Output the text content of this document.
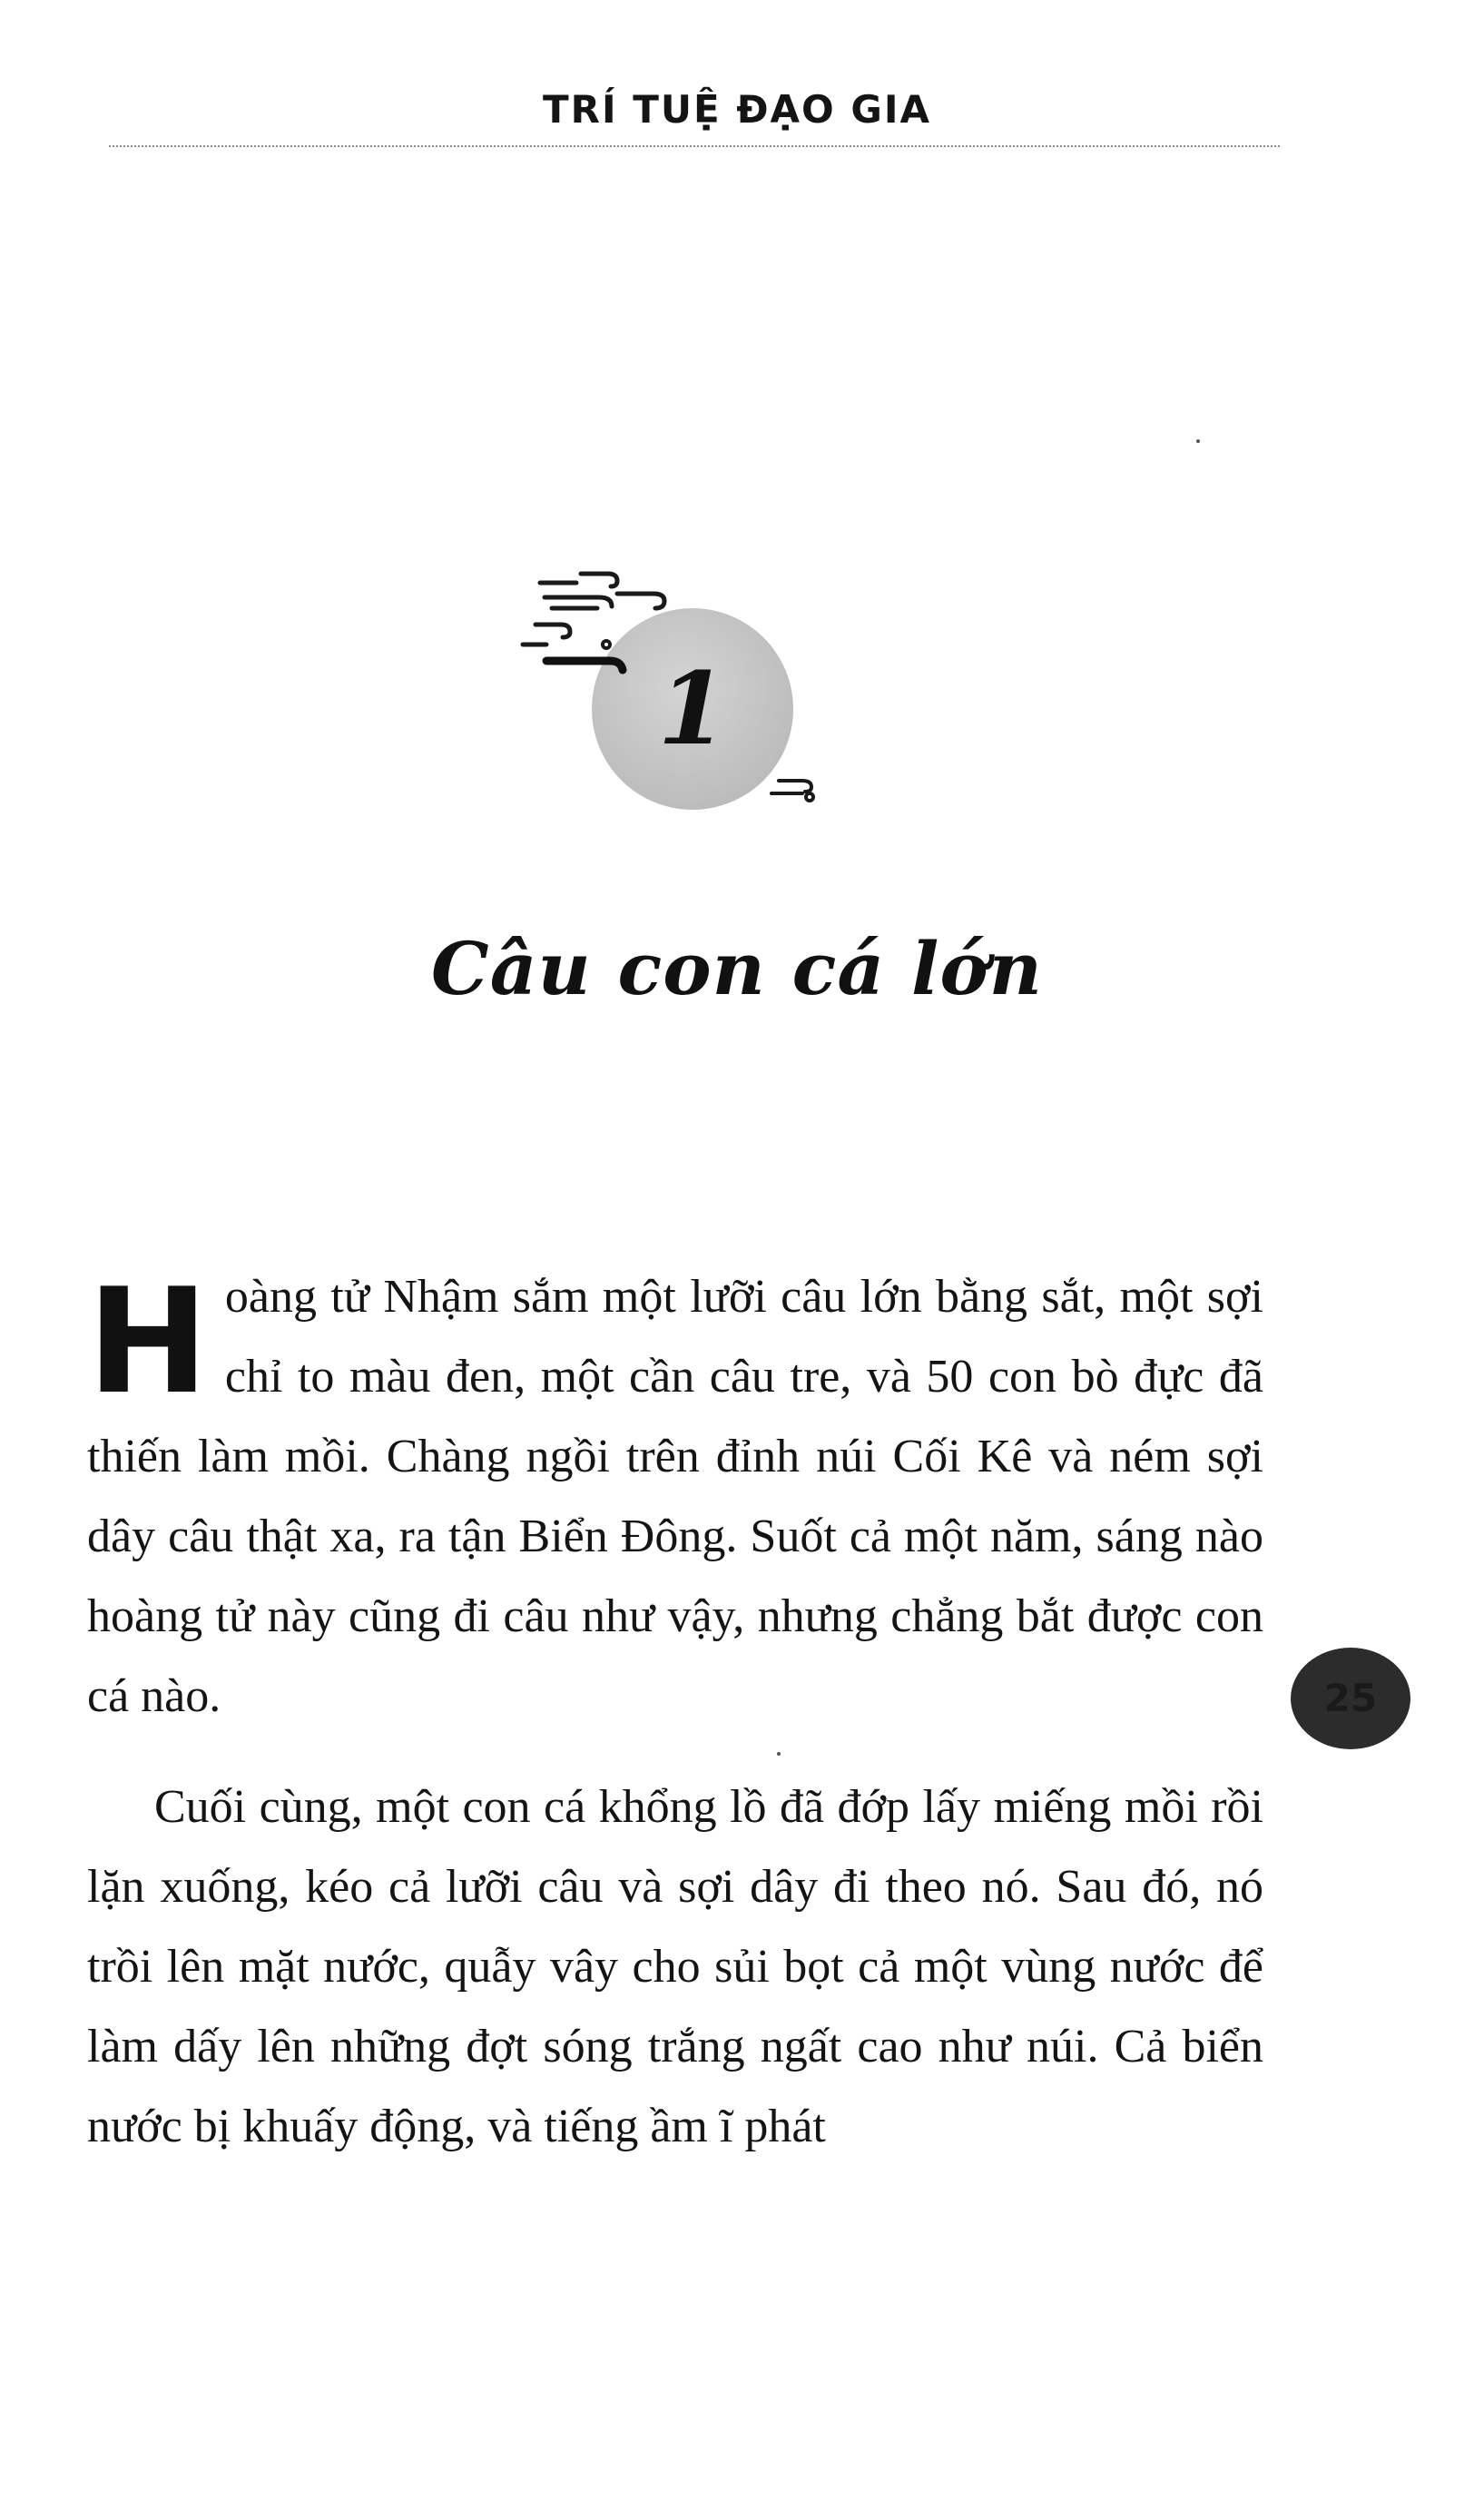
TRÍ TUỆ ĐẠO GIA
1
Câu con cá lớn

Hoàng tử Nhậm sắm một lưỡi câu lớn bằng sắt, một sợi chỉ to màu đen, một cần câu tre, và 50 con bò đực đã thiến làm mồi. Chàng ngồi trên đỉnh núi Cối Kê và ném sợi dây câu thật xa, ra tận Biển Đông. Suốt cả một năm, sáng nào hoàng tử này cũng đi câu như vậy, nhưng chẳng bắt được con cá nào.

Cuối cùng, một con cá khổng lồ đã đớp lấy miếng mồi rồi lặn xuống, kéo cả lưỡi câu và sợi dây đi theo nó. Sau đó, nó trồi lên mặt nước, quẫy vây cho sủi bọt cả một vùng nước để làm dấy lên những đợt sóng trắng ngất cao như núi. Cả biển nước bị khuấy động, và tiếng ầm ĩ phát

25
